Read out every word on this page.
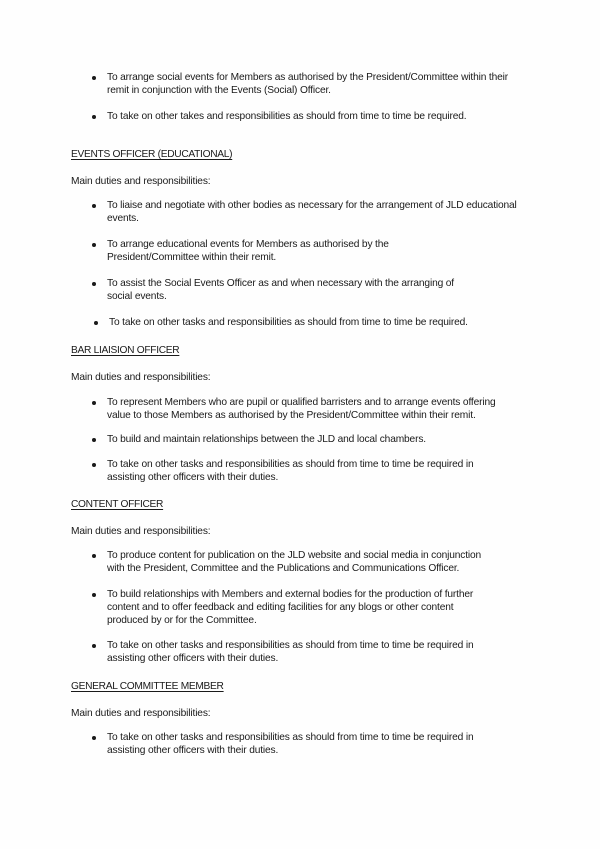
To arrange social events for Members as authorised by the President/Committee within their
remit in conjunction with the Events (Social) Officer.
To take on other takes and responsibilities as should from time to time be required.
EVENTS OFFICER (EDUCATIONAL)
Main duties and responsibilities:
To liaise and negotiate with other bodies as necessary for the arrangement of JLD educational
events.
To arrange educational events for Members as authorised by the
President/Committee within their remit.
To assist the Social Events Officer as and when necessary with the arranging of
social events.
To take on other tasks and responsibilities as should from time to time be required.
BAR LIAISION OFFICER
Main duties and responsibilities:
To represent Members who are pupil or qualified barristers and to arrange events offering
value to those Members as authorised by the President/Committee within their remit.
To build and maintain relationships between the JLD and local chambers.
To take on other tasks and responsibilities as should from time to time be required in
assisting other officers with their duties.
CONTENT OFFICER
Main duties and responsibilities:
To produce content for publication on the JLD website and social media in conjunction
with the President, Committee and the Publications and Communications Officer.
To build relationships with Members and external bodies for the production of further
content and to offer feedback and editing facilities for any blogs or other content
produced by or for the Committee.
To take on other tasks and responsibilities as should from time to time be required in
assisting other officers with their duties.
GENERAL COMMITTEE MEMBER
Main duties and responsibilities:
To take on other tasks and responsibilities as should from time to time be required in
assisting other officers with their duties.
